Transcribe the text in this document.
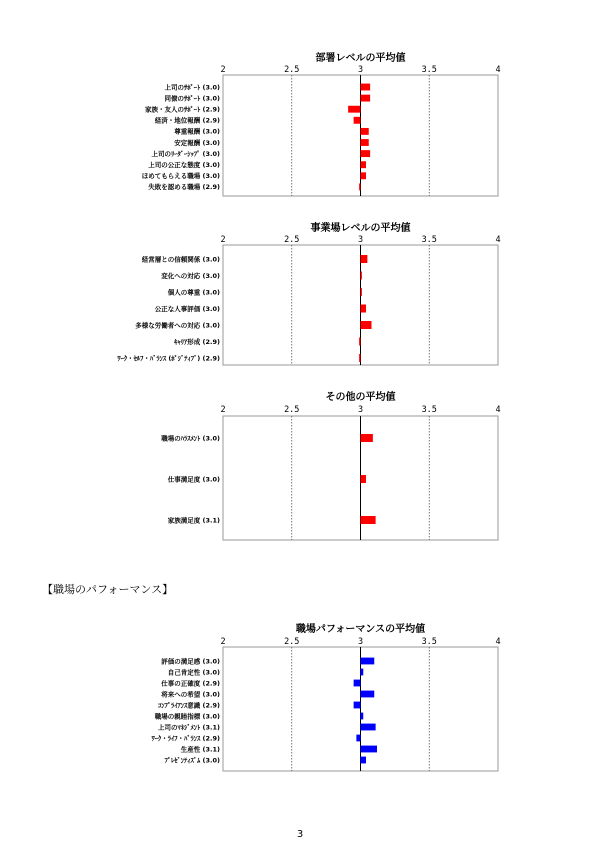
【職場のパフォーマンス】
3
部署レベルの平均値
2	2.5	3	3.5	4
上司のｻﾎﾟｰﾄ (3.0)
同僚のｻﾎﾟｰﾄ (3.0)
家族・友人のｻﾎﾟｰﾄ (2.9)
経済・地位報酬 (2.9)
尊重報酬 (3.0)
安定報酬 (3.0)
上司のﾘｰﾀﾞｰｼｯﾌﾟ (3.0)
上司の公正な態度 (3.0)
ほめてもらえる職場 (3.0)
失敗を認める職場 (2.9)
事業場レベルの平均値
2	2.5	3	3.5	4
経営層との信頼関係 (3.0)
変化への対応 (3.0)
個人の尊重 (3.0)
公正な人事評価 (3.0)
多様な労働者への対応 (3.0)
ｷｬﾘｱ形成 (2.9)
ﾜｰｸ・ｾﾙﾌ・ﾊﾞﾗﾝｽ (ﾎﾟｼﾞﾃｨﾌﾞ) (2.9)
その他の平均値
2	2.5	3	3.5	4
職場のﾊﾗｽﾒﾝﾄ (3.0)
仕事満足度 (3.0)
家族満足度 (3.1)
職場パフォーマンスの平均値
2	2.5	3	3.5	4
評価の満足感 (3.0)
自己肯定性 (3.0)
仕事の正確度 (2.9)
将来への希望 (3.0)
ｺﾝﾌﾟﾗｲｱﾝｽ意識 (2.9)
職場の親睦指標 (3.0)
上司のﾏﾈｼﾞﾒﾝﾄ (3.1)
ﾜｰｸ・ﾗｲﾌ・ﾊﾞﾗﾝｽ (2.9)
生産性 (3.1)
ﾌﾟﾚｾﾞﾝﾃｨｽﾞﾑ (3.0)
